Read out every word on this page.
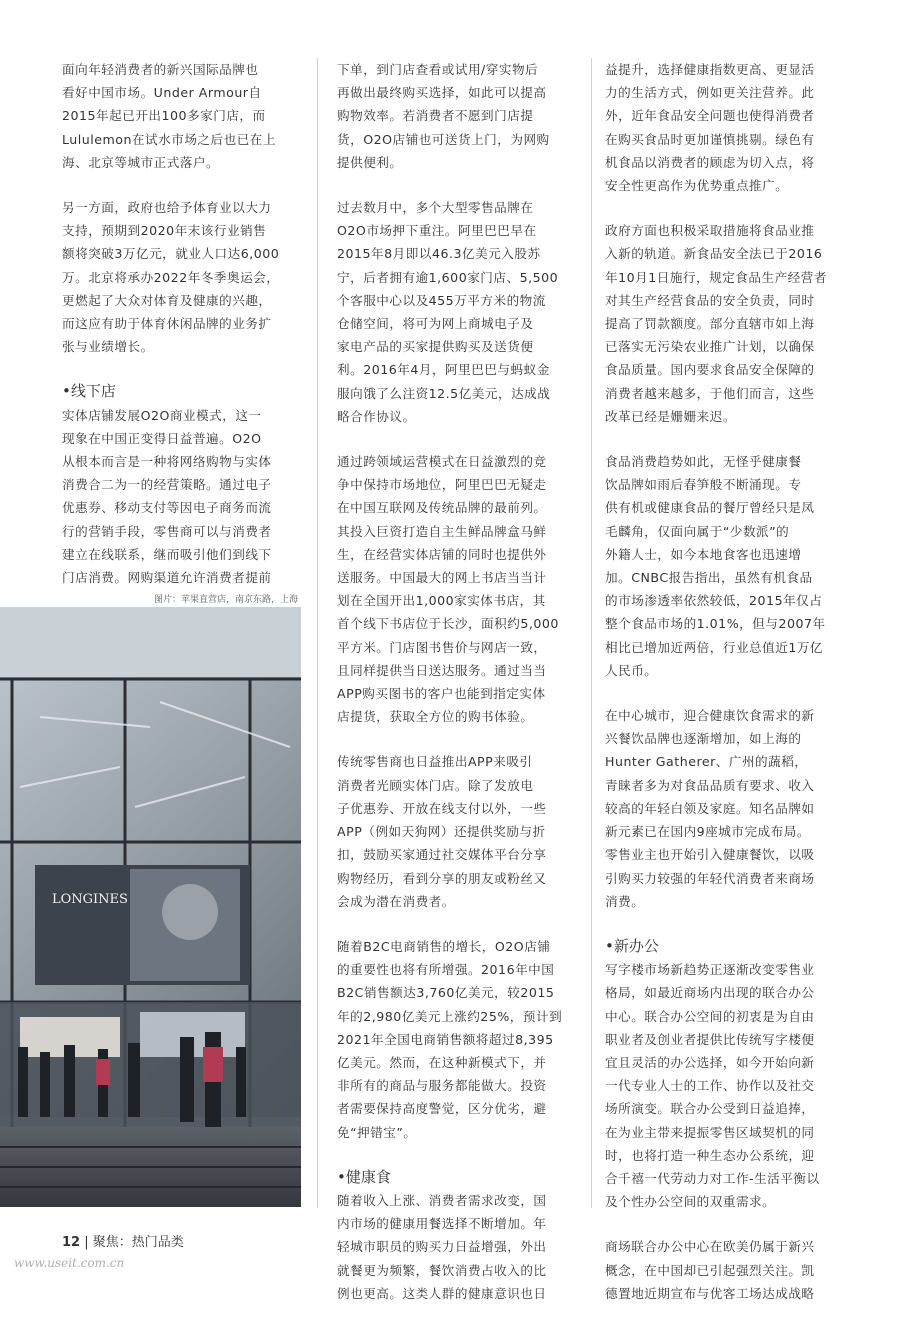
面向年轻消费者的新兴国际品牌也
看好中国市场。Under Armour自
2015年起已开出100多家门店，而
Lululemon在试水市场之后也已在上
海、北京等城市正式落户。

另一方面，政府也给予体育业以大力
支持，预期到2020年末该行业销售
额将突破3万亿元，就业人口达6,000
万。北京将承办2022年冬季奥运会，
更燃起了大众对体育及健康的兴趣，
而这应有助于体育休闲品牌的业务扩
张与业绩增长。

•线下店

实体店铺发展O2O商业模式，这一
现象在中国正变得日益普遍。O2O
从根本而言是一种将网络购物与实体
消费合二为一的经营策略。通过电子
优惠券、移动支付等因电子商务而流
行的营销手段，零售商可以与消费者
建立在线联系，继而吸引他们到线下
门店消费。网购渠道允许消费者提前

图片：苹果直营店，南京东路，上海
LONGINES

下单，到门店查看或试用/穿实物后
再做出最终购买选择，如此可以提高
购物效率。若消费者不愿到门店提
货，O2O店铺也可送货上门，为网购
提供便利。

过去数月中，多个大型零售品牌在
O2O市场押下重注。阿里巴巴早在
2015年8月即以46.3亿美元入股苏
宁，后者拥有逾1,600家门店、5,500
个客服中心以及455万平方米的物流
仓储空间，将可为网上商城电子及
家电产品的买家提供购买及送货便
利。2016年4月，阿里巴巴与蚂蚁金
服向饿了么注资12.5亿美元，达成战
略合作协议。

通过跨领域运营模式在日益激烈的竞
争中保持市场地位，阿里巴巴无疑走
在中国互联网及传统品牌的最前列。
其投入巨资打造自主生鲜品牌盒马鲜
生，在经营实体店铺的同时也提供外
送服务。中国最大的网上书店当当计
划在全国开出1,000家实体书店，其
首个线下书店位于长沙，面积约5,000
平方米。门店图书售价与网店一致，
且同样提供当日送达服务。通过当当
APP购买图书的客户也能到指定实体
店提货，获取全方位的购书体验。

传统零售商也日益推出APP来吸引
消费者光顾实体门店。除了发放电
子优惠券、开放在线支付以外，一些
APP（例如天狗网）还提供奖励与折
扣，鼓励买家通过社交媒体平台分享
购物经历，看到分享的朋友或粉丝又
会成为潜在消费者。

随着B2C电商销售的增长，O2O店铺
的重要性也将有所增强。2016年中国
B2C销售额达3,760亿美元，较2015
年的2,980亿美元上涨约25%，预计到
2021年全国电商销售额将超过8,395
亿美元。然而，在这种新模式下，并
非所有的商品与服务都能做大。投资
者需要保持高度警觉，区分优劣，避
免“押错宝”。

•健康食

随着收入上涨、消费者需求改变，国
内市场的健康用餐选择不断增加。年
轻城市职员的购买力日益增强，外出
就餐更为频繁，餐饮消费占收入的比
例也更高。这类人群的健康意识也日

益提升，选择健康指数更高、更显活
力的生活方式，例如更关注营养。此
外，近年食品安全问题也使得消费者
在购买食品时更加谨慎挑剔。绿色有
机食品以消费者的顾虑为切入点，将
安全性更高作为优势重点推广。

政府方面也积极采取措施将食品业推
入新的轨道。新食品安全法已于2016
年10月1日施行，规定食品生产经营者
对其生产经营食品的安全负责，同时
提高了罚款额度。部分直辖市如上海
已落实无污染农业推广计划，以确保
食品质量。国内要求食品安全保障的
消费者越来越多，于他们而言，这些
改革已经是姗姗来迟。

食品消费趋势如此，无怪乎健康餐
饮品牌如雨后春笋般不断涌现。专
供有机或健康食品的餐厅曾经只是凤
毛麟角，仅面向属于“少数派”的
外籍人士，如今本地食客也迅速增
加。CNBC报告指出，虽然有机食品
的市场渗透率依然较低，2015年仅占
整个食品市场的1.01%，但与2007年
相比已增加近两倍，行业总值近1万亿
人民币。

在中心城市，迎合健康饮食需求的新
兴餐饮品牌也逐渐增加，如上海的
Hunter Gatherer、广州的蔬稻，
青睐者多为对食品品质有要求、收入
较高的年轻白领及家庭。知名品牌如
新元素已在国内9座城市完成布局。
零售业主也开始引入健康餐饮，以吸
引购买力较强的年轻代消费者来商场
消费。

•新办公

写字楼市场新趋势正逐渐改变零售业
格局，如最近商场内出现的联合办公
中心。联合办公空间的初衷是为自由
职业者及创业者提供比传统写字楼便
宜且灵活的办公选择，如今开始向新
一代专业人士的工作、协作以及社交
场所演变。联合办公受到日益追捧，
在为业主带来提振零售区域契机的同
时，也将打造一种生态办公系统，迎
合千禧一代劳动力对工作-生活平衡以
及个性办公空间的双重需求。

商场联合办公中心在欧美仍属于新兴
概念，在中国却已引起强烈关注。凯
德置地近期宣布与优客工场达成战略

12 | 聚焦：热门品类
www.useit.com.cn
